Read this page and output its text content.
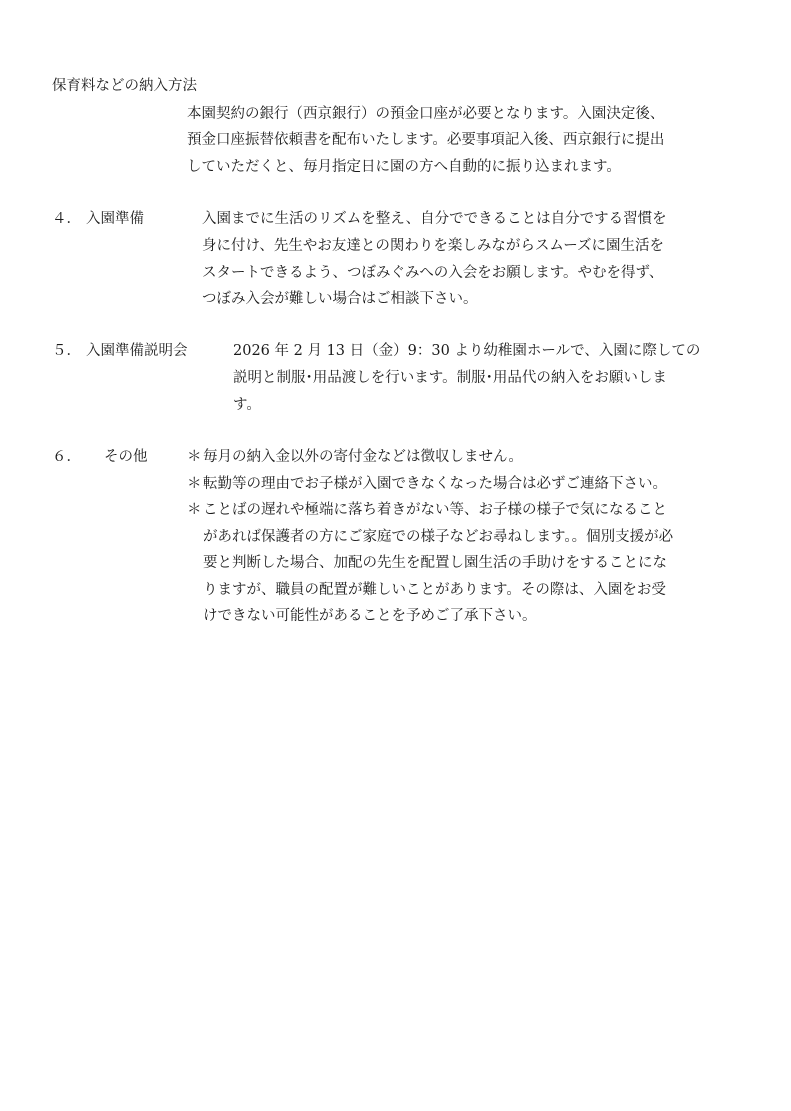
保育料などの納入方法
本園契約の銀行（西京銀行）の預金口座が必要となります。入園決定後、
預金口座振替依頼書を配布いたします。必要事項記入後、西京銀行に提出
していただくと、毎月指定日に園の方へ自動的に振り込まれます。
４． 入園準備	入園までに生活のリズムを整え、自分でできることは自分でする習慣を
身に付け、先生やお友達との関わりを楽しみながらスムーズに園生活を
スタートできるよう、つぼみぐみへの入会をお願します。やむを得ず、
つぼみ入会が難しい場合はご相談下さい。
５． 入園準備説明会	2026 年 2 月 13 日（金）9：30 より幼稚園ホールで、入園に際しての
説明と制服･用品渡しを行います。制服･用品代の納入をお願いしま
す。
６． その他	＊ 毎月の納入金以外の寄付金などは徴収しません。
＊ 転勤等の理由でお子様が入園できなくなった場合は必ずご連絡下さい。
＊ ことばの遅れや極端に落ち着きがない等、お子様の様子で気になること
があれば保護者の方にご家庭での様子などお尋ねします。。個別支援が必
要と判断した場合、加配の先生を配置し園生活の手助けをすることにな
りますが、職員の配置が難しいことがあります。その際は、入園をお受
けできない可能性があることを予めご了承下さい。
